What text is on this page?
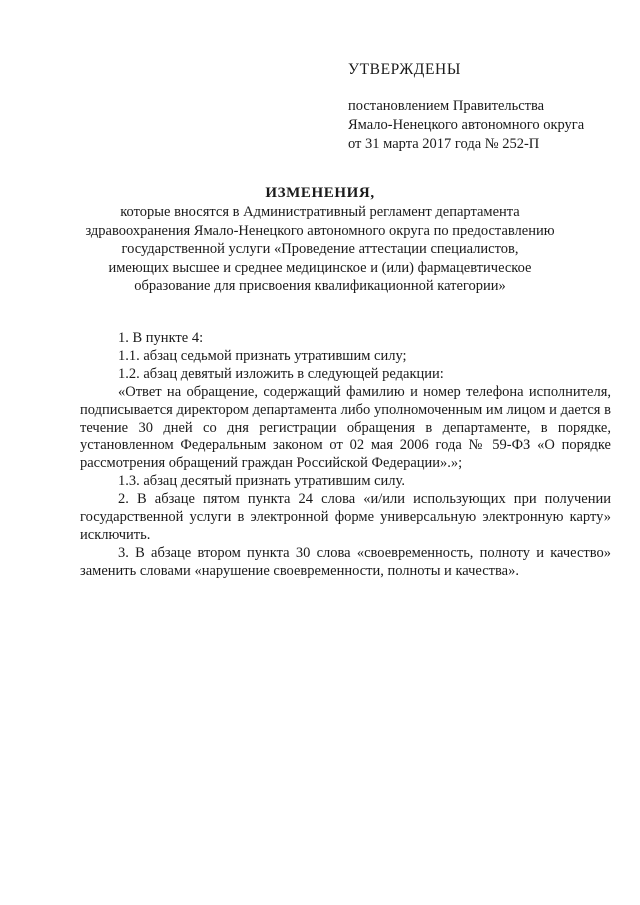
УТВЕРЖДЕНЫ
постановлением Правительства
Ямало-Ненецкого автономного округа
от 31 марта 2017 года № 252-П
ИЗМЕНЕНИЯ,
которые вносятся в Административный регламент департамента
здравоохранения Ямало-Ненецкого автономного округа по предоставлению
государственной услуги «Проведение аттестации специалистов,
имеющих высшее и среднее медицинское и (или) фармацевтическое
образование для присвоения квалификационной категории»

1. В пункте 4:

1.1. абзац седьмой признать утратившим силу;

1.2. абзац девятый изложить в следующей редакции:

«Ответ на обращение, содержащий фамилию и номер телефона исполнителя, подписывается директором департамента либо уполномоченным им лицом и дается в течение 30 дней со дня регистрации обращения в департаменте, в порядке, установленном Федеральным законом от 02 мая 2006 года № 59-ФЗ «О порядке рассмотрения обращений граждан Российской Федерации».»;

1.3. абзац десятый признать утратившим силу.

2. В абзаце пятом пункта 24 слова «и/или использующих при получении государственной услуги в электронной форме универсальную электронную карту» исключить.

3. В абзаце втором пункта 30 слова «своевременность, полноту и качество» заменить словами «нарушение своевременности, полноты и качества».
